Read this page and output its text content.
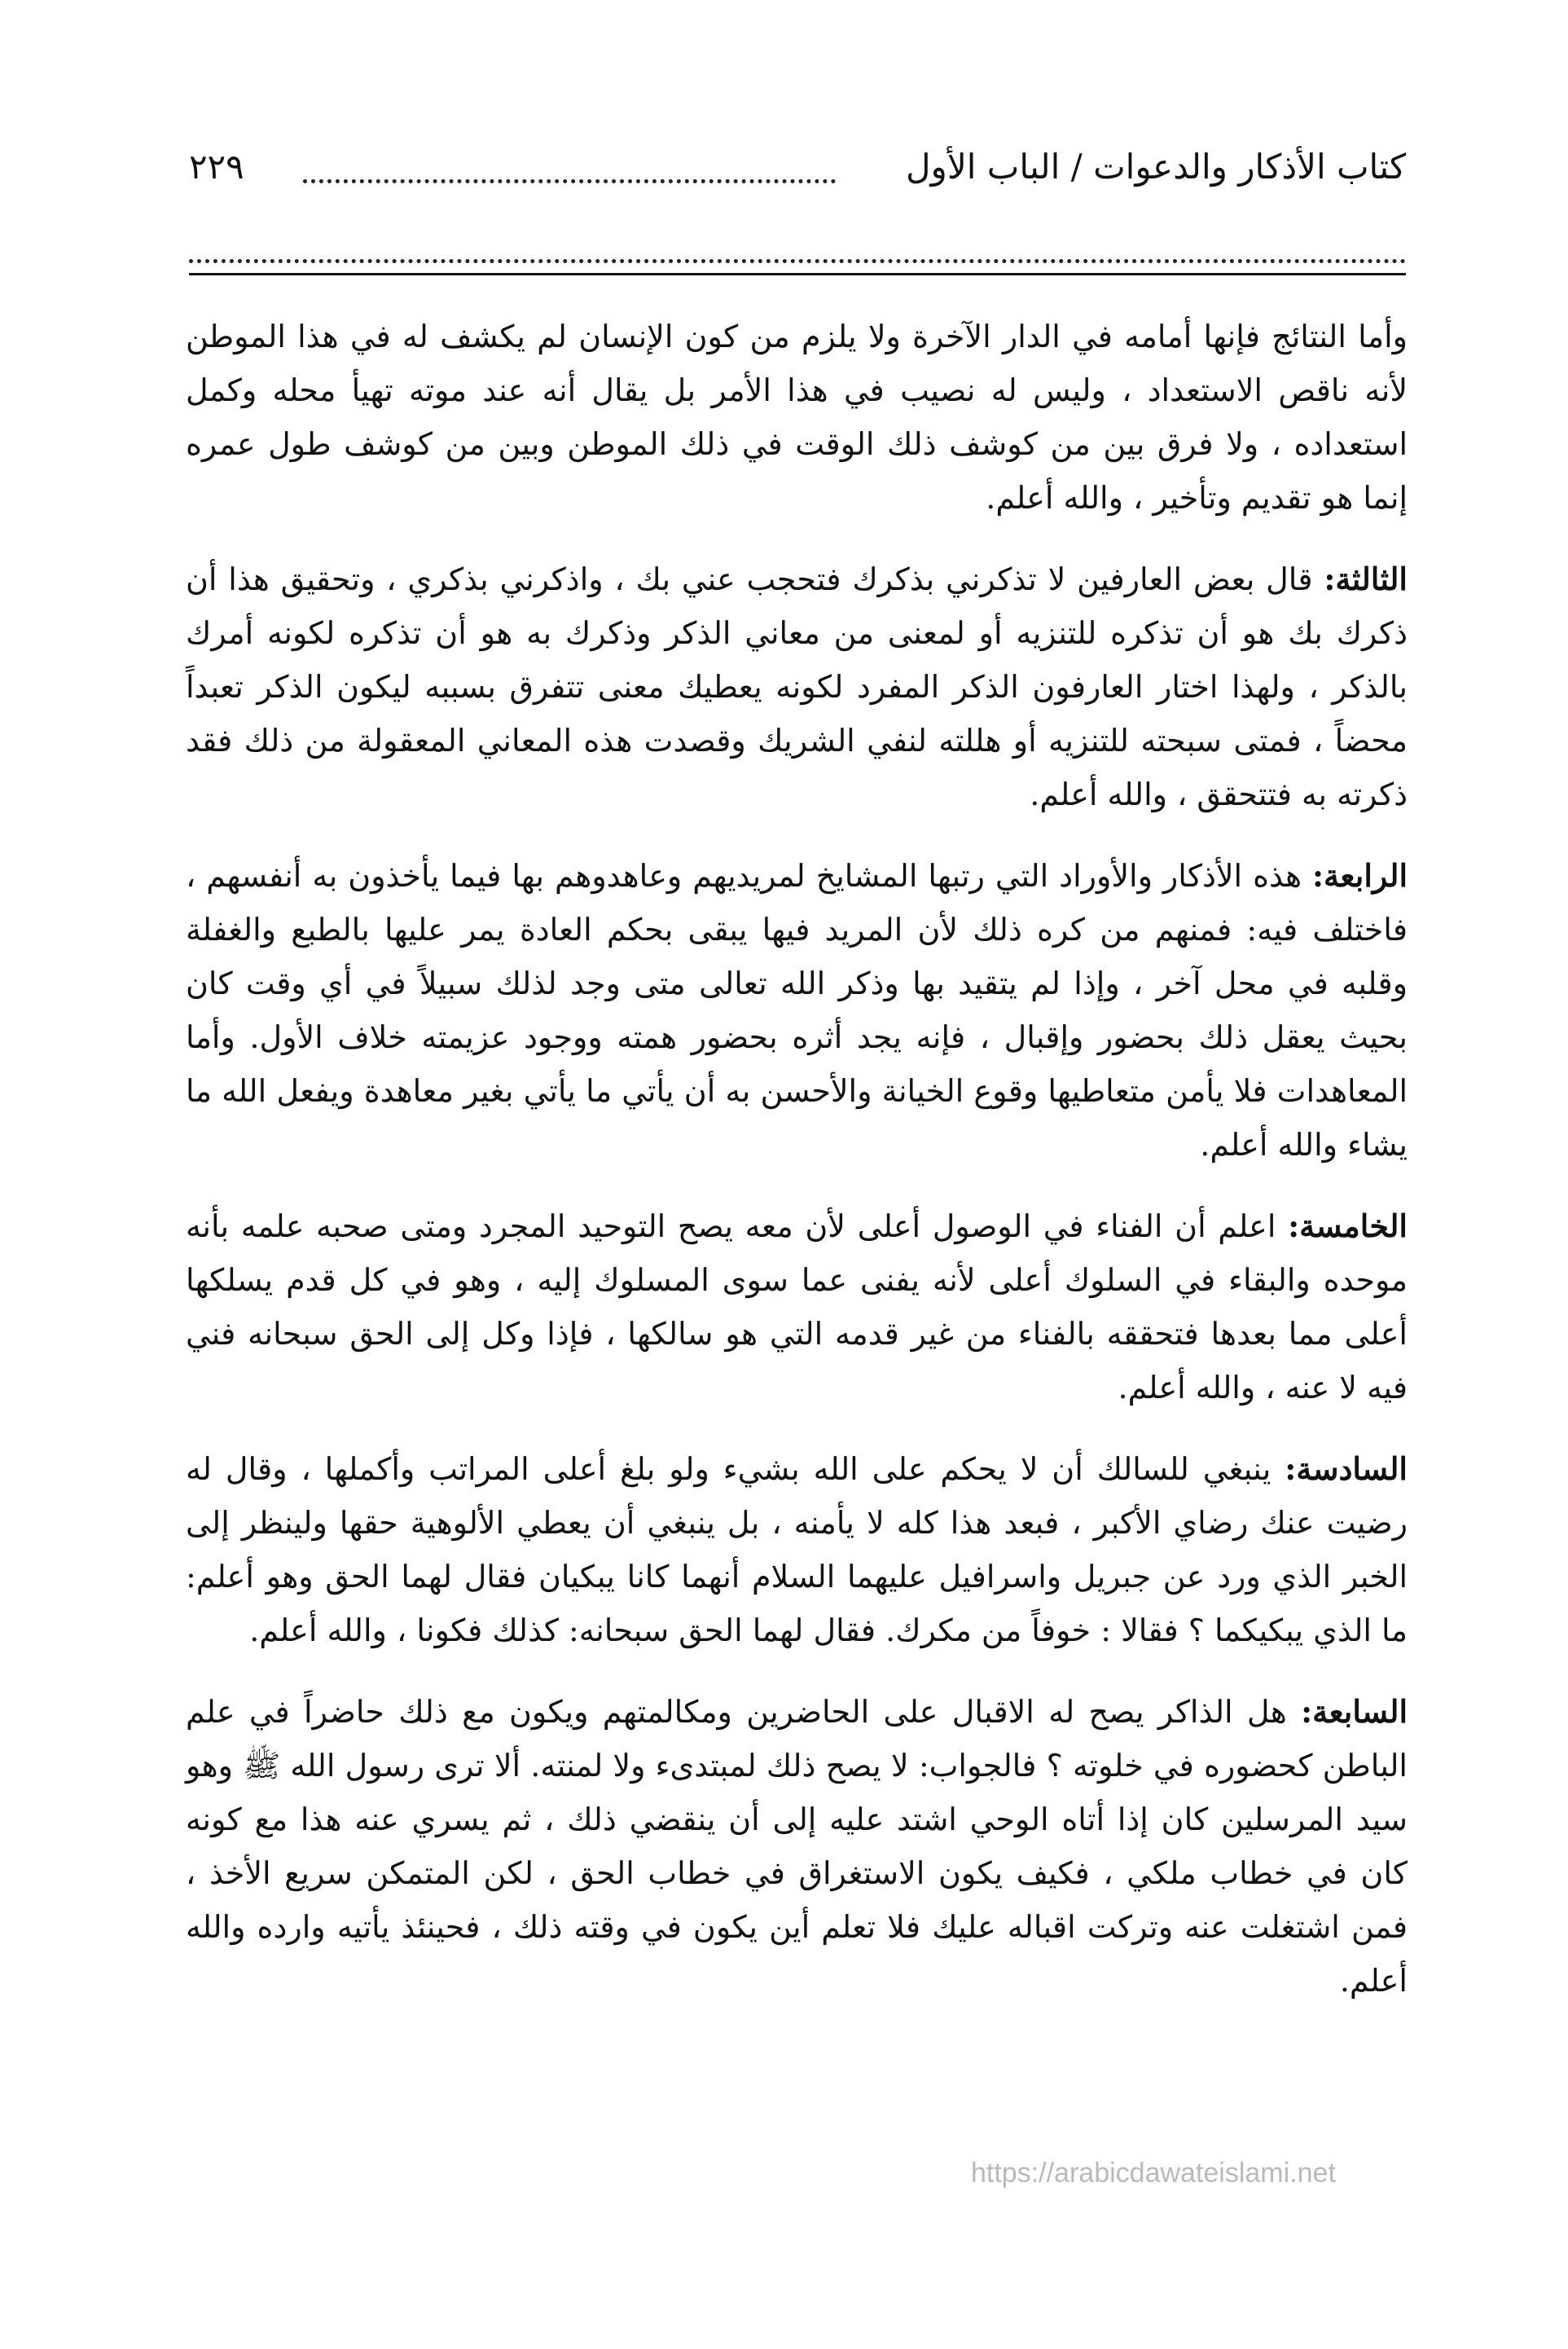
كتاب الأذكار والدعوات / الباب الأول
٢٢٩

وأما النتائج فإنها أمامه في الدار الآخرة ولا يلزم من كون الإنسان لم يكشف له في هذا الموطن لأنه ناقص الاستعداد ، وليس له نصيب في هذا الأمر بل يقال أنه عند موته تهيأ محله وكمل استعداده ، ولا فرق بين من كوشف ذلك الوقت في ذلك الموطن وبين من كوشف طول عمره إنما هو تقديم وتأخير ، والله أعلم.

الثالثة: قال بعض العارفين لا تذكرني بذكرك فتحجب عني بك ، واذكرني بذكري ، وتحقيق هذا أن ذكرك بك هو أن تذكره للتنزيه أو لمعنى من معاني الذكر وذكرك به هو أن تذكره لكونه أمرك بالذكر ، ولهذا اختار العارفون الذكر المفرد لكونه يعطيك معنى تتفرق بسببه ليكون الذكر تعبداً محضاً ، فمتى سبحته للتنزيه أو هللته لنفي الشريك وقصدت هذه المعاني المعقولة من ذلك فقد ذكرته به فتتحقق ، والله أعلم.

الرابعة: هذه الأذكار والأوراد التي رتبها المشايخ لمريديهم وعاهدوهم بها فيما يأخذون به أنفسهم ، فاختلف فيه: فمنهم من كره ذلك لأن المريد فيها يبقى بحكم العادة يمر عليها بالطبع والغفلة وقلبه في محل آخر ، وإذا لم يتقيد بها وذكر الله تعالى متى وجد لذلك سبيلاً في أي وقت كان بحيث يعقل ذلك بحضور وإقبال ، فإنه يجد أثره بحضور همته ووجود عزيمته خلاف الأول. وأما المعاهدات فلا يأمن متعاطيها وقوع الخيانة والأحسن به أن يأتي ما يأتي بغير معاهدة ويفعل الله ما يشاء والله أعلم.

الخامسة: اعلم أن الفناء في الوصول أعلى لأن معه يصح التوحيد المجرد ومتى صحبه علمه بأنه موحده والبقاء في السلوك أعلى لأنه يفنى عما سوى المسلوك إليه ، وهو في كل قدم يسلكها أعلى مما بعدها فتحققه بالفناء من غير قدمه التي هو سالكها ، فإذا وكل إلى الحق سبحانه فني فيه لا عنه ، والله أعلم.

السادسة: ينبغي للسالك أن لا يحكم على الله بشيء ولو بلغ أعلى المراتب وأكملها ، وقال له رضيت عنك رضاي الأكبر ، فبعد هذا كله لا يأمنه ، بل ينبغي أن يعطي الألوهية حقها ولينظر إلى الخبر الذي ورد عن جبريل واسرافيل عليهما السلام أنهما كانا يبكيان فقال لهما الحق وهو أعلم: ما الذي يبكيكما ؟ فقالا : خوفاً من مكرك. فقال لهما الحق سبحانه: كذلك فكونا ، والله أعلم.

السابعة: هل الذاكر يصح له الاقبال على الحاضرين ومكالمتهم ويكون مع ذلك حاضراً في علم الباطن كحضوره في خلوته ؟ فالجواب: لا يصح ذلك لمبتدىء ولا لمنته. ألا ترى رسول الله ﷺ وهو سيد المرسلين كان إذا أتاه الوحي اشتد عليه إلى أن ينقضي ذلك ، ثم يسري عنه هذا مع كونه كان في خطاب ملكي ، فكيف يكون الاستغراق في خطاب الحق ، لكن المتمكن سريع الأخذ ، فمن اشتغلت عنه وتركت اقباله عليك فلا تعلم أين يكون في وقته ذلك ، فحينئذ يأتيه وارده والله أعلم.

https://arabicdawateislami.net
